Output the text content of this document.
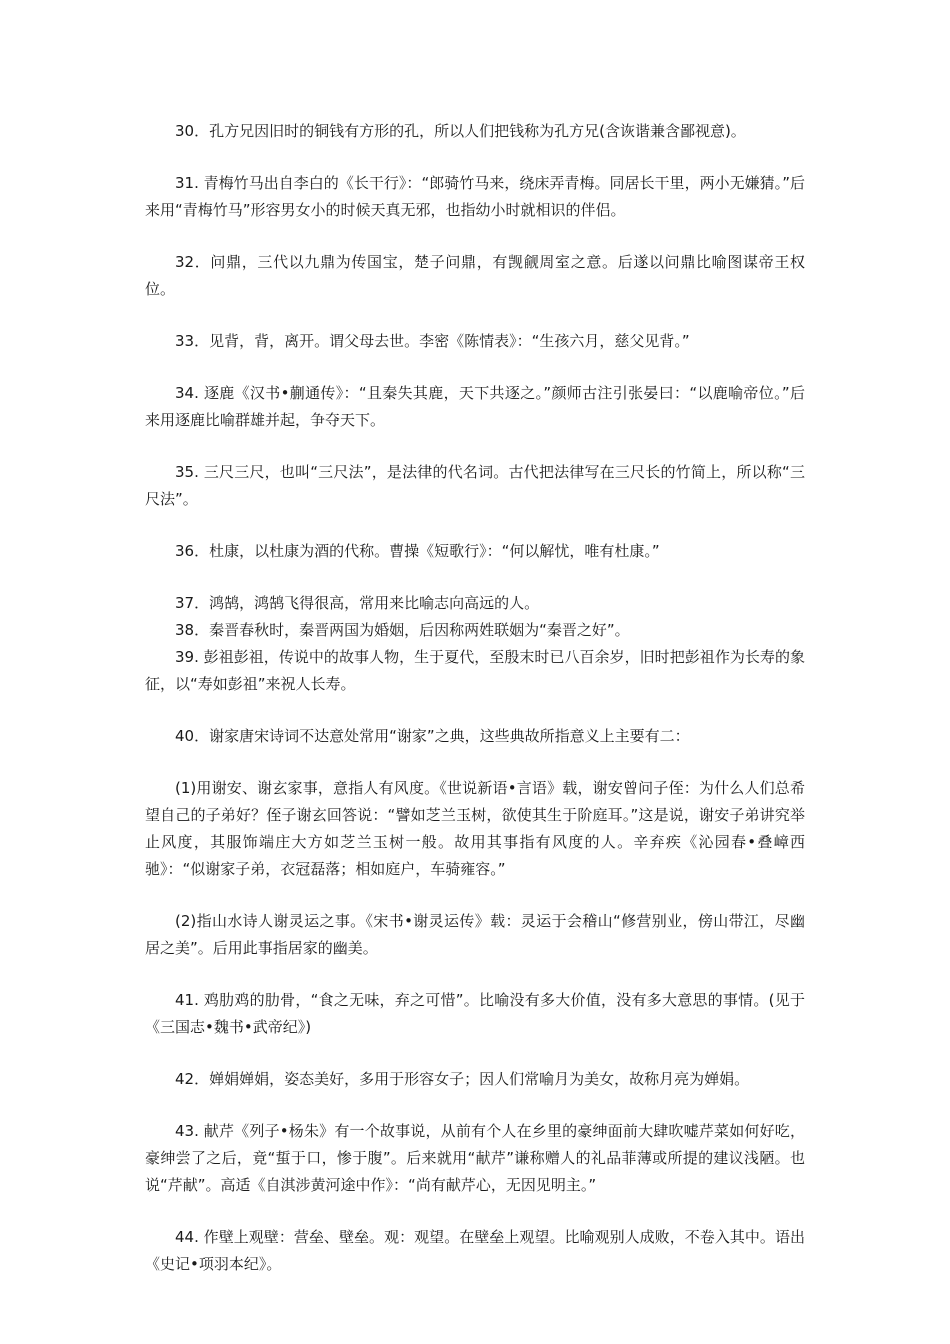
30．孔方兄因旧时的铜钱有方形的孔，所以人们把钱称为孔方兄(含诙谐兼含鄙视意)。

31. 青梅竹马出自李白的《长干行》：“郎骑竹马来，绕床弄青梅。同居长干里，两小无嫌猜。”后来用“青梅竹马”形容男女小的时候天真无邪，也指幼小时就相识的伴侣。

32．问鼎，三代以九鼎为传国宝，楚子问鼎，有觊觎周室之意。后遂以问鼎比喻图谋帝王权位。

33．见背，背，离开。谓父母去世。李密《陈情表》：“生孩六月，慈父见背。”

34. 逐鹿《汉书•蒯通传》：“且秦失其鹿，天下共逐之。”颜师古注引张晏曰：“以鹿喻帝位。”后来用逐鹿比喻群雄并起，争夺天下。

35. 三尺三尺，也叫“三尺法”，是法律的代名词。古代把法律写在三尺长的竹简上，所以称“三尺法”。

36．杜康，以杜康为酒的代称。曹操《短歌行》：“何以解忧，唯有杜康。”

37．鸿鹄，鸿鹄飞得很高，常用来比喻志向高远的人。

38．秦晋春秋时，秦晋两国为婚姻，后因称两姓联姻为“秦晋之好”。

39. 彭祖彭祖，传说中的故事人物，生于夏代，至殷末时已八百余岁，旧时把彭祖作为长寿的象征，以“寿如彭祖”来祝人长寿。

40．谢家唐宋诗词不达意处常用“谢家”之典，这些典故所指意义上主要有二：

(1)用谢安、谢玄家事，意指人有风度。《世说新语•言语》载，谢安曾问子侄：为什么人们总希望自己的子弟好？侄子谢玄回答说：“譬如芝兰玉树，欲使其生于阶庭耳。”这是说，谢安子弟讲究举止风度，其服饰端庄大方如芝兰玉树一般。故用其事指有风度的人。辛弃疾《沁园春•叠嶂西驰》：“似谢家子弟，衣冠磊落；相如庭户，车骑雍容。”

(2)指山水诗人谢灵运之事。《宋书•谢灵运传》载：灵运于会稽山“修营别业，傍山带江，尽幽居之美”。后用此事指居家的幽美。

41. 鸡肋鸡的肋骨，“食之无味，弃之可惜”。比喻没有多大价值，没有多大意思的事情。(见于《三国志•魏书•武帝纪》)

42．婵娟婵娟，姿态美好，多用于形容女子；因人们常喻月为美女，故称月亮为婵娟。

43. 献芹《列子•杨朱》有一个故事说，从前有个人在乡里的豪绅面前大肆吹嘘芹菜如何好吃，豪绅尝了之后，竟“蜇于口，惨于腹”。后来就用“献芹”谦称赠人的礼品菲薄或所提的建议浅陋。也说“芹献”。高适《自淇涉黄河途中作》：“尚有献芹心，无因见明主。”

44. 作壁上观壁：营垒、壁垒。观：观望。在壁垒上观望。比喻观别人成败，不卷入其中。语出《史记•项羽本纪》。
